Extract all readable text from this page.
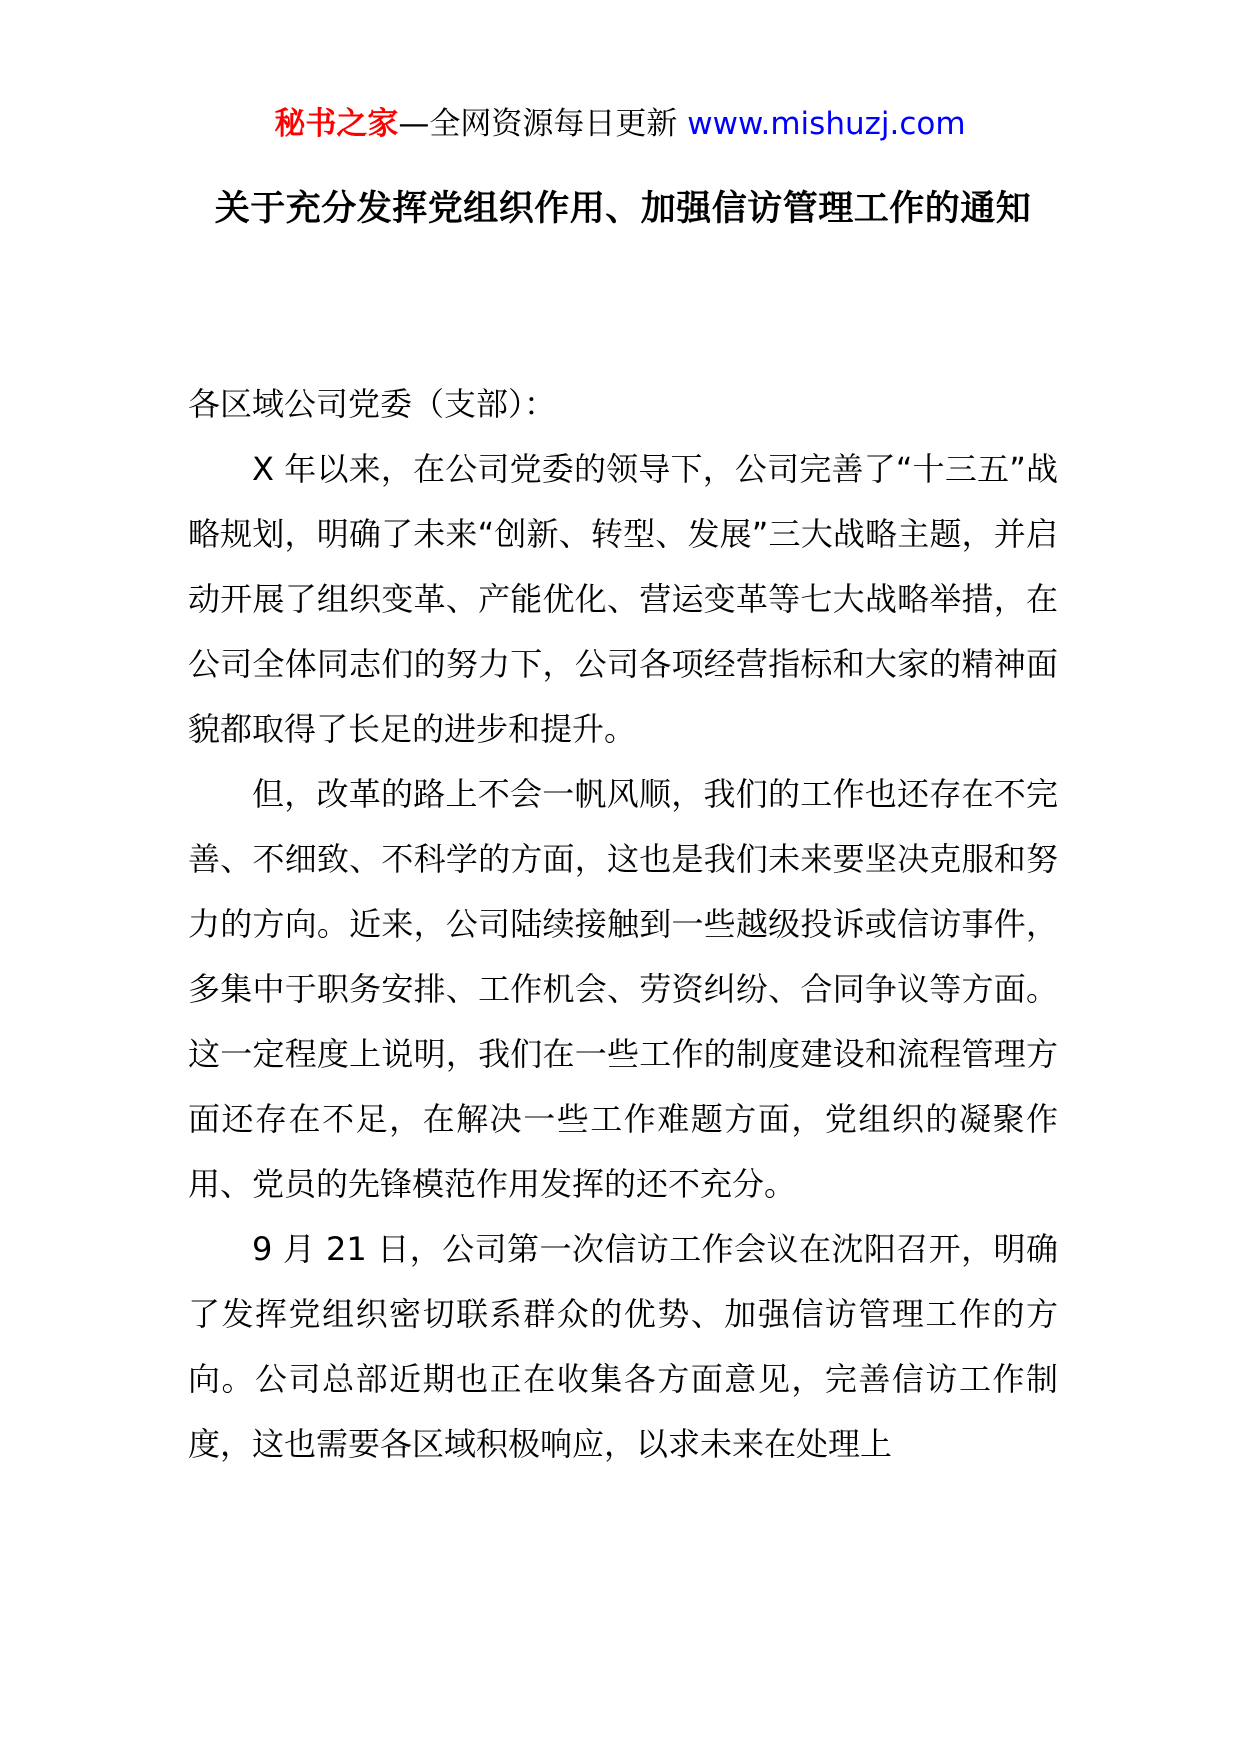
秘书之家—全网资源每日更新 www.mishuzj.com
关于充分发挥党组织作用、加强信访管理工作的通知

各区域公司党委（支部）：

X 年以来，在公司党委的领导下，公司完善了“十三五”战略规划，明确了未来“创新、转型、发展”三大战略主题，并启动开展了组织变革、产能优化、营运变革等七大战略举措，在公司全体同志们的努力下，公司各项经营指标和大家的精神面貌都取得了长足的进步和提升。

但，改革的路上不会一帆风顺，我们的工作也还存在不完善、不细致、不科学的方面，这也是我们未来要坚决克服和努力的方向。近来，公司陆续接触到一些越级投诉或信访事件，多集中于职务安排、工作机会、劳资纠纷、合同争议等方面。这一定程度上说明，我们在一些工作的制度建设和流程管理方面还存在不足，在解决一些工作难题方面，党组织的凝聚作用、党员的先锋模范作用发挥的还不充分。

9 月 21 日，公司第一次信访工作会议在沈阳召开，明确了发挥党组织密切联系群众的优势、加强信访管理工作的方向。公司总部近期也正在收集各方面意见，完善信访工作制度，这也需要各区域积极响应，以求未来在处理上
